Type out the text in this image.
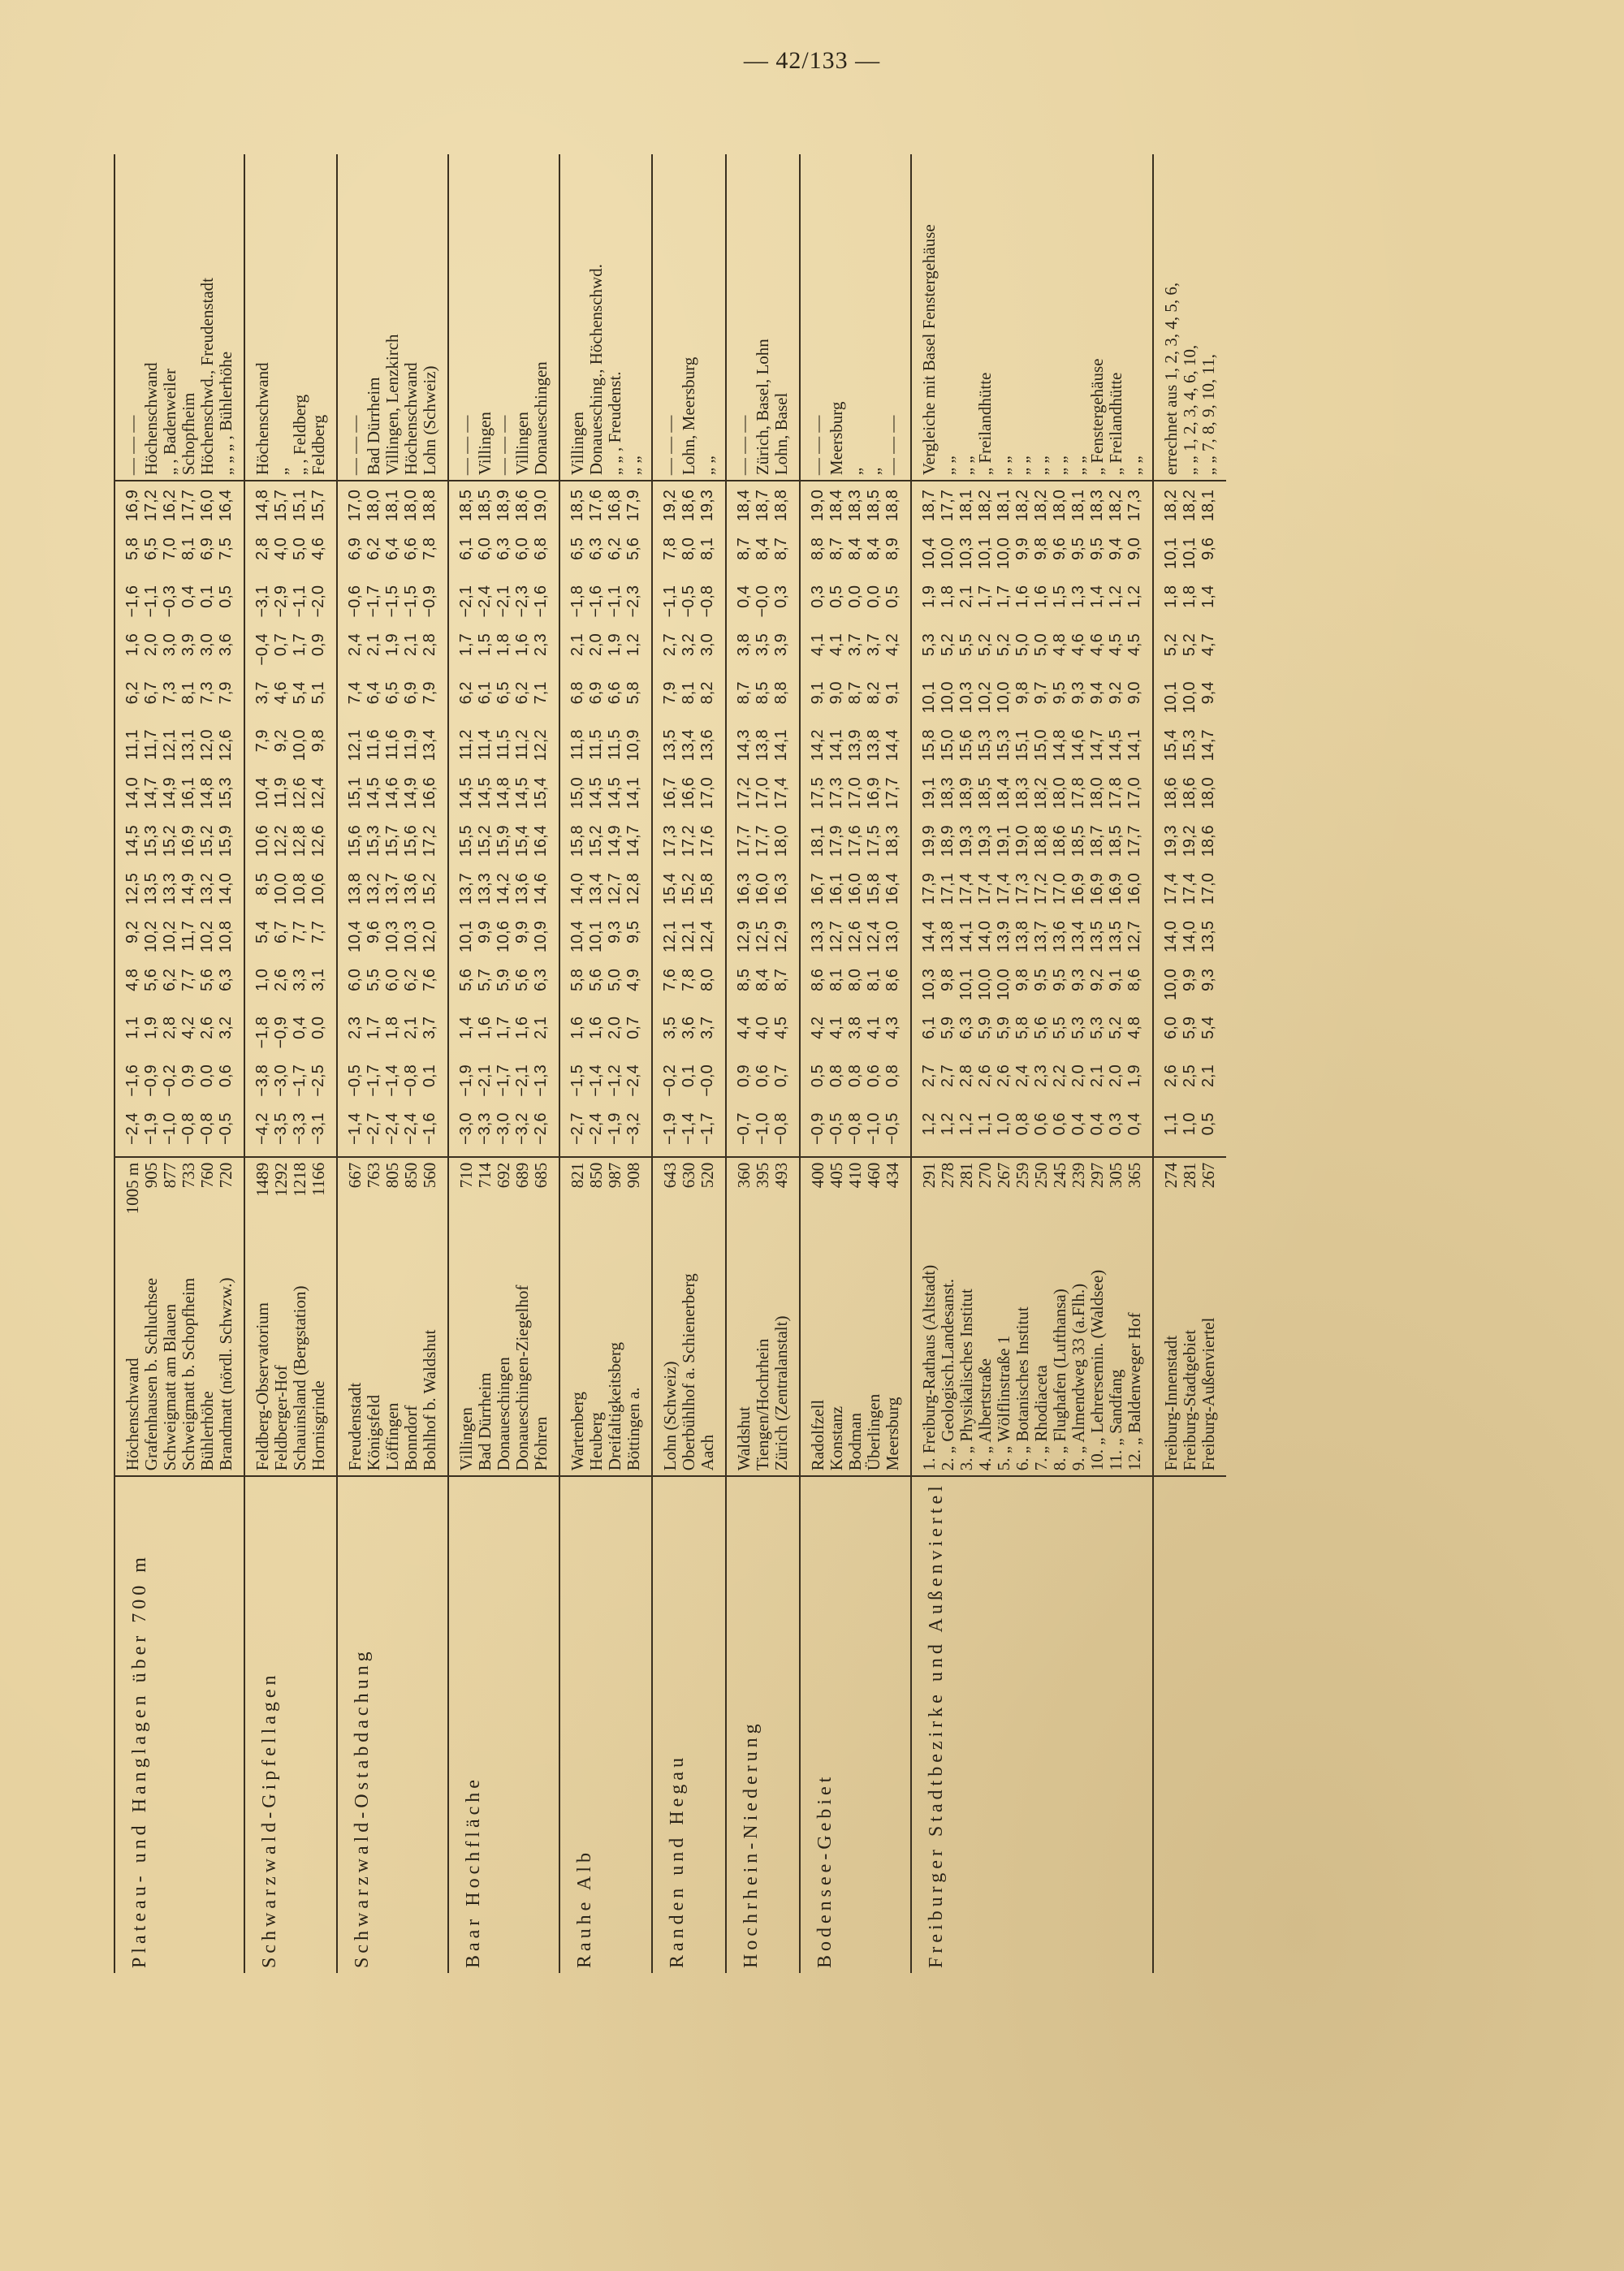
— 42/133 —
Plateau- und Hanglagen über 700 m	Höchenschwand	1005 m	−2,4	−1,6	1,1	4,8	9,2	12,5	14,5	14,0	11,1	6,2	1,6	−1,6	5,8	16,9	— — —
	Grafenhausen b. Schluchsee	905	−1,9	−0,9	1,9	5,6	10,2	13,5	15,3	14,7	11,7	6,7	2,0	−1,1	6,5	17,2	Höchenschwand
	Schweigmatt am Blauen	877	−1,0	−0,2	2,8	6,2	10,2	13,3	15,2	14,9	12,1	7,3	3,0	−0,3	7,0	16,2	„ , Badenweiler
	Schweigmatt b. Schopfheim	733	−0,8	0,9	4,2	7,7	11,7	14,9	16,9	16,1	13,1	8,1	3,9	0,4	8,1	17,7	Schopfheim
	Bühlerhöhe	760	−0,8	0,0	2,6	5,6	10,2	13,2	15,2	14,8	12,0	7,3	3,0	0,1	6,9	16,0	Höchenschwd., Freudenstadt
	Brandmatt (nördl. Schwzw.)	720	−0,5	0,6	3,2	6,3	10,8	14,0	15,9	15,3	12,6	7,9	3,6	0,5	7,5	16,4	„ „ „ , Bühlerhöhe
Schwarzwald-Gipfellagen	Feldberg-Observatorium	1489	−4,2	−3,8	−1,8	1,0	5,4	8,5	10,6	10,4	7,9	3,7	−0,4	−3,1	2,8	14,8	Höchenschwand
	Feldberger-Hof	1292	−3,5	−3,0	−0,9	2,6	6,7	10,0	12,2	11,9	9,2	4,6	0,7	−2,9	4,0	15,7	„
	Schauinsland (Bergstation)	1218	−3,3	−1,7	0,4	3,3	7,7	10,8	12,8	12,6	10,0	5,4	1,7	−1,1	5,0	15,1	„ , Feldberg
	Hornisgrinde	1166	−3,1	−2,5	0,0	3,1	7,7	10,6	12,6	12,4	9,8	5,1	0,9	−2,0	4,6	15,7	Feldberg
Schwarzwald-Ostabdachung	Freudenstadt	667	−1,4	−0,5	2,3	6,0	10,4	13,8	15,6	15,1	12,1	7,4	2,4	−0,6	6,9	17,0	— — —
	Königsfeld	763	−2,7	−1,7	1,7	5,5	9,6	13,2	15,3	14,5	11,6	6,4	2,1	−1,7	6,2	18,0	Bad Dürrheim
	Löffingen	805	−2,4	−1,4	1,8	6,0	10,3	13,7	15,7	14,6	11,6	6,5	1,9	−1,5	6,4	18,1	Villingen, Lenzkirch
	Bonndorf	850	−2,4	−0,8	2,1	6,2	10,3	13,6	15,6	14,9	11,9	6,9	2,1	−1,5	6,6	18,0	Höchenschwand
	Bohlhof b. Waldshut	560	−1,6	0,1	3,7	7,6	12,0	15,2	17,2	16,6	13,4	7,9	2,8	−0,9	7,8	18,8	Lohn (Schweiz)
Baar Hochfläche	Villingen	710	−3,0	−1,9	1,4	5,6	10,1	13,7	15,5	14,5	11,2	6,2	1,7	−2,1	6,1	18,5	— — —
	Bad Dürrheim	714	−3,3	−2,1	1,6	5,7	9,9	13,3	15,2	14,5	11,4	6,1	1,5	−2,4	6,0	18,5	Villingen
	Donaueschingen	692	−3,0	−1,7	1,7	5,9	10,6	14,2	15,9	14,8	11,5	6,5	1,8	−2,1	6,3	18,9	— — —
	Donaueschingen-Ziegelhof	689	−3,2	−2,1	1,6	5,6	9,9	13,6	15,4	14,5	11,2	6,2	1,6	−2,3	6,0	18,6	Villingen
	Pfohren	685	−2,6	−1,3	2,1	6,3	10,9	14,6	16,4	15,4	12,2	7,1	2,3	−1,6	6,8	19,0	Donaueschingen
Rauhe Alb	Wartenberg	821	−2,7	−1,5	1,6	5,8	10,4	14,0	15,8	15,0	11,8	6,8	2,1	−1,8	6,5	18,5	Villingen
	Heuberg	850	−2,4	−1,4	1,6	5,6	10,1	13,4	15,2	14,5	11,5	6,9	2,0	−1,6	6,3	17,6	Donauesching., Höchenschwd.
	Dreifaltigkeitsberg	987	−1,9	−1,2	2,0	5,0	9,3	12,7	14,9	14,5	11,5	6,6	1,9	−1,1	6,2	16,8	„ „ , Freudenst.
	Böttingen a.	908	−3,2	−2,4	0,7	4,9	9,5	12,8	14,7	14,1	10,9	5,8	1,2	−2,3	5,6	17,9	„ „
Randen und Hegau	Lohn (Schweiz)	643	−1,9	−0,2	3,5	7,6	12,1	15,4	17,3	16,7	13,5	7,9	2,7	−1,1	7,8	19,2	— — —
	Oberbühlhof a. Schienerberg	630	−1,4	0,1	3,6	7,8	12,1	15,2	17,2	16,6	13,4	8,1	3,2	−0,5	8,0	18,6	Lohn, Meersburg
	Aach	520	−1,7	−0,0	3,7	8,0	12,4	15,8	17,6	17,0	13,6	8,2	3,0	−0,8	8,1	19,3	„ „
Hochrhein-Niederung	Waldshut	360	−0,7	0,9	4,4	8,5	12,9	16,3	17,7	17,2	14,3	8,7	3,8	0,4	8,7	18,4	— — —
	Tiengen/Hochrhein	395	−1,0	0,6	4,0	8,4	12,5	16,0	17,7	17,0	13,8	8,5	3,5	−0,0	8,4	18,7	Zürich, Basel, Lohn
	Zürich (Zentralanstalt)	493	−0,8	0,7	4,5	8,7	12,9	16,3	18,0	17,4	14,1	8,8	3,9	0,3	8,7	18,8	Lohn, Basel
Bodensee-Gebiet	Radolfzell	400	−0,9	0,5	4,2	8,6	13,3	16,7	18,1	17,5	14,2	9,1	4,1	0,3	8,8	19,0	— — —
	Konstanz	405	−0,5	0,8	4,1	8,1	12,7	16,1	17,9	17,3	14,1	9,0	4,1	0,5	8,7	18,4	Meersburg
	Bodman	410	−0,8	0,8	3,8	8,0	12,6	16,0	17,6	17,0	13,9	8,7	3,7	0,0	8,4	18,3	„
	Überlingen	460	−1,0	0,6	4,1	8,1	12,4	15,8	17,5	16,9	13,8	8,2	3,7	0,0	8,4	18,5	„
	Meersburg	434	−0,5	0,8	4,3	8,6	13,0	16,4	18,3	17,7	14,4	9,1	4,2	0,5	8,9	18,8	— — —
Freiburger Stadtbezirke und Außenviertel	1. Freiburg-Rathaus (Altstadt)	291	1,2	2,7	6,1	10,3	14,4	17,9	19,9	19,1	15,8	10,1	5,3	1,9	10,4	18,7	Vergleiche mit Basel Fenstergehäuse
	2. „ Geologisch.Landesanst.	278	1,2	2,7	5,9	9,8	13,8	17,1	18,9	18,3	15,0	10,0	5,2	1,8	10,0	17,7	„ „
	3. „ Physikalisches Institut	281	1,2	2,8	6,3	10,1	14,1	17,4	19,3	18,9	15,6	10,3	5,5	2,1	10,3	18,1	„ „
	4. „ Albertstraße	270	1,1	2,6	5,9	10,0	14,0	17,4	19,3	18,5	15,3	10,2	5,2	1,7	10,1	18,2	„ Freilandhütte
	5. „ Wölflinstraße 1	267	1,0	2,6	5,9	10,0	13,9	17,4	19,1	18,4	15,3	10,0	5,2	1,7	10,0	18,1	„ „
	6. „ Botanisches Institut	259	0,8	2,4	5,8	9,8	13,8	17,3	19,0	18,3	15,1	9,8	5,0	1,6	9,9	18,2	„ „
	7. „ Rhodiaceta	250	0,6	2,3	5,6	9,5	13,7	17,2	18,8	18,2	15,0	9,7	5,0	1,6	9,8	18,2	„ „
	8. „ Flughafen (Lufthansa)	245	0,6	2,2	5,5	9,5	13,6	17,0	18,6	18,0	14,8	9,5	4,8	1,5	9,6	18,0	„ „
	9. „ Almendweg 33 (a.Flh.)	239	0,4	2,0	5,3	9,3	13,4	16,9	18,5	17,8	14,6	9,3	4,6	1,3	9,5	18,1	„ „
	10. „ Lehrersemin. (Waldsee)	297	0,4	2,1	5,3	9,2	13,5	16,9	18,7	18,0	14,7	9,4	4,6	1,4	9,5	18,3	„ Fenstergehäuse
	11. „ Sandfang	305	0,3	2,0	5,2	9,1	13,5	16,9	18,5	17,8	14,5	9,2	4,5	1,2	9,4	18,2	„ Freilandhütte
	12. „ Baldenweger Hof	365	0,4	1,9	4,8	8,6	12,7	16,0	17,7	17,0	14,1	9,0	4,5	1,2	9,0	17,3	„ „
	Freiburg-Innenstadt	274	1,1	2,6	6,0	10,0	14,0	17,4	19,3	18,6	15,4	10,1	5,2	1,8	10,1	18,2	errechnet aus 1, 2, 3, 4, 5, 6,
	Freiburg-Stadtgebiet	281	1,0	2,5	5,9	9,9	14,0	17,4	19,2	18,6	15,3	10,0	5,2	1,8	10,1	18,2	„ „ 1, 2, 3, 4, 6, 10,
	Freiburg-Außenviertel	267	0,5	2,1	5,4	9,3	13,5	17,0	18,6	18,0	14,7	9,4	4,7	1,4	9,6	18,1	„ „ 7, 8, 9, 10, 11,
